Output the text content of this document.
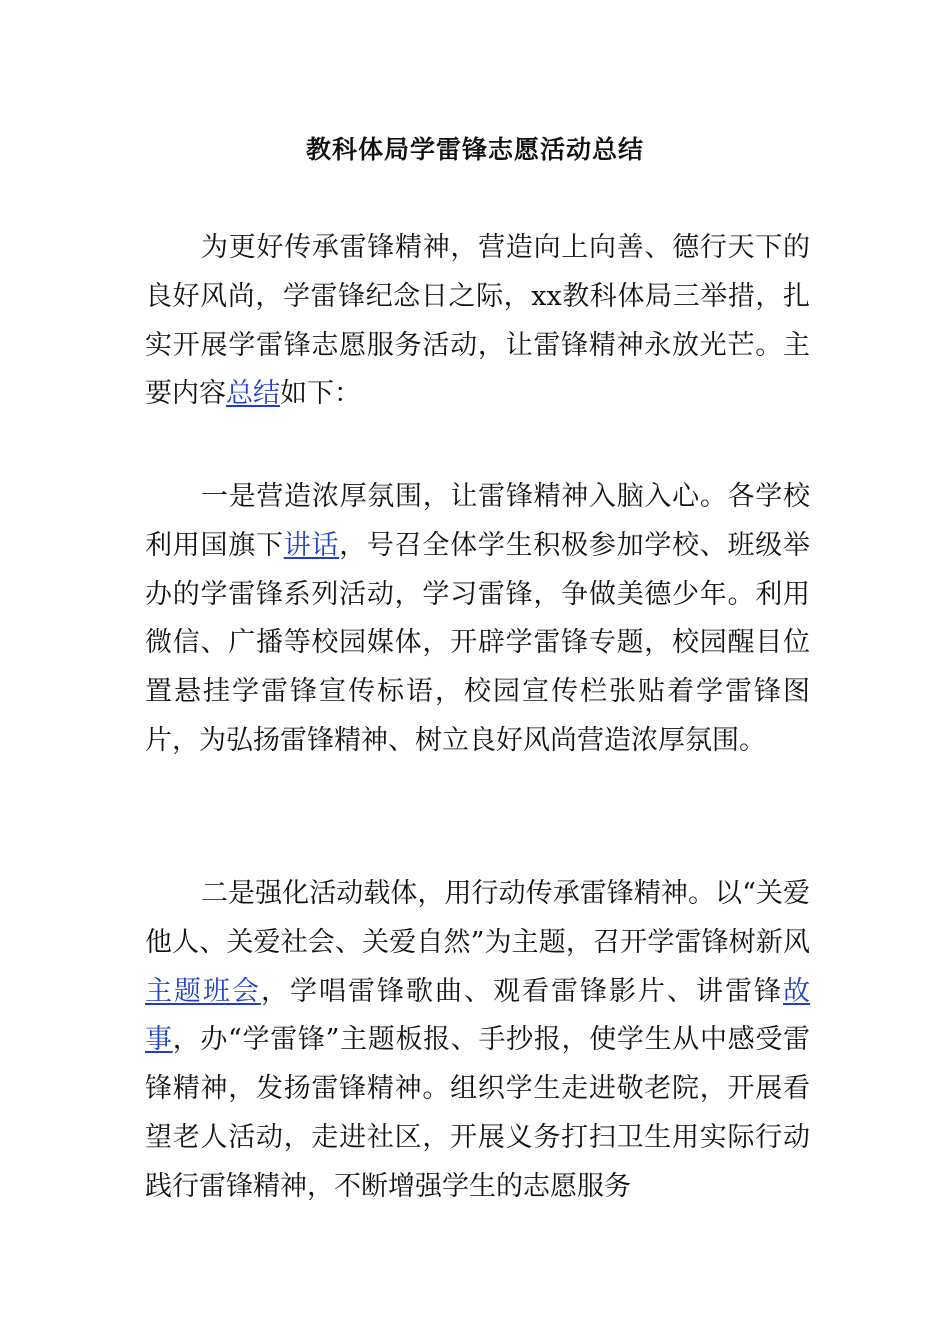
教科体局学雷锋志愿活动总结

为更好传承雷锋精神，营造向上向善、德行天下的良好风尚，学雷锋纪念日之际，xx教科体局三举措，扎实开展学雷锋志愿服务活动，让雷锋精神永放光芒。主要内容总结如下：

一是营造浓厚氛围，让雷锋精神入脑入心。各学校利用国旗下讲话，号召全体学生积极参加学校、班级举办的学雷锋系列活动，学习雷锋，争做美德少年。利用微信、广播等校园媒体，开辟学雷锋专题，校园醒目位置悬挂学雷锋宣传标语，校园宣传栏张贴着学雷锋图片，为弘扬雷锋精神、树立良好风尚营造浓厚氛围。

二是强化活动载体，用行动传承雷锋精神。以“关爱他人、关爱社会、关爱自然”为主题，召开学雷锋树新风主题班会，学唱雷锋歌曲、观看雷锋影片、讲雷锋故事，办“学雷锋”主题板报、手抄报，使学生从中感受雷锋精神，发扬雷锋精神。组织学生走进敬老院，开展看望老人活动，走进社区，开展义务打扫卫生用实际行动践行雷锋精神，不断增强学生的志愿服务
